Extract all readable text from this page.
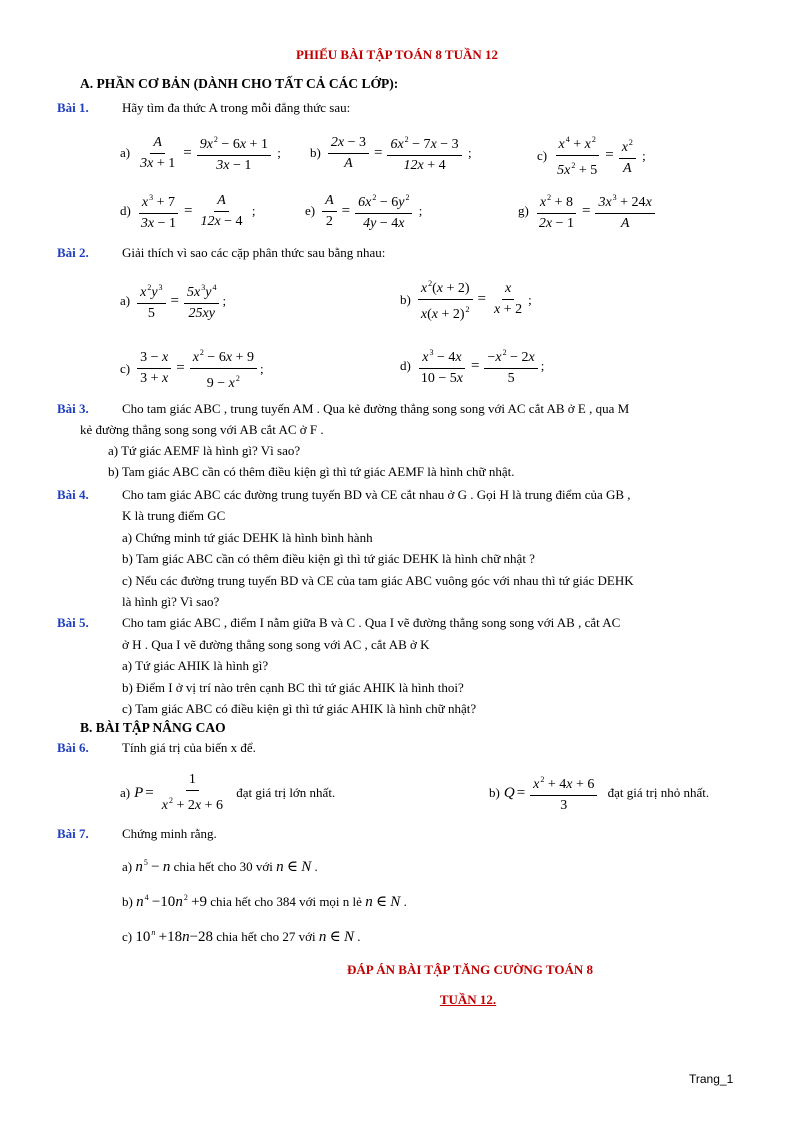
PHIẾU BÀI TẬP TOÁN 8 TUẦN 12
A. PHẦN CƠ BẢN (DÀNH CHO TẤT CẢ CÁC LỚP):
Bài 1.	Hãy tìm đa thức A trong mỗi đẳng thức sau:
$a) \frac{A}{3x + 1} = \frac{9x2 - 6x + 1}{3x - 1}$ ; $b) \frac{2x - 3}{A} = \frac{6x2 - 7x - 3}{12x + 4}$ ;	$c) \frac{x4 + x2}{5x2 + 5} = \frac{x2}{A}$ ;
$d) \frac{x3 + 7}{3x - 1} = \frac{A}{12x - 4}$ ;	$e) \frac{A}{2} = \frac{6x2 - 6y2}{4y - 4x}$ ;	$g) \frac{x2 + 8}{2x - 1} = \frac{3x3 + 24x}{A}$
Bài 2.	Giải thích vì sao các cặp phân thức sau bằng nhau:
$a) \frac{x2y3}{5} = \frac{5x3y4}{25xy}$ ;	$b) \frac{x2(x + 2)}{x(x + 2)2} = \frac{x}{x + 2}$ ;
$c) \frac{3 - x}{3 + x} = \frac{x2 - 6x + 9}{9 - x2}$ ;	$d) \frac{x3 - 4x}{10 - 5x} = \frac{-x2 - 2x}{5}$ ;
Bài 3.	Cho tam giác ABC , trung tuyến AM . Qua kẻ đường thẳng song song với AC cắt AB ở E , qua M
kẻ đường thẳng song song với AB cắt AC ở F .
a) Tứ giác AEMF là hình gì? Vì sao?
b) Tam giác ABC cần có thêm điều kiện gì thì tứ giác AEMF là hình chữ nhật.
Bài 4.	Cho tam giác ABC các đường trung tuyến BD và CE cắt nhau ở G . Gọi H là trung điểm của GB ,
K là trung điểm GC
a) Chứng minh tứ giác DEHK là hình bình hành
b) Tam giác ABC cần có thêm điều kiện gì thì tứ giác DEHK là hình chữ nhật ?
c) Nếu các đường trung tuyến BD và CE của tam giác ABC vuông góc với nhau thì tứ giác DEHK
là hình gì? Vì sao?
Bài 5.	Cho tam giác ABC , điểm I nằm giữa B và C . Qua I vẽ đường thẳng song song với AB , cắt AC
ở H . Qua I vẽ đường thẳng song song với AC , cắt AB ở K
a) Tứ giác AHIK là hình gì?
b) Điểm I ở vị trí nào trên cạnh BC thì tứ giác AHIK là hình thoi?
c) Tam giác ABC có điều kiện gì thì tứ giác AHIK là hình chữ nhật?
B. BÀI TẬP NÂNG CAO
Bài 6.	Tính giá trị của biến x để.
a) $P = \frac{1}{x2 + 2x + 6}$
đạt giá trị lớn nhất.	b) $Q = \frac{x2 + 4x + 6}{3}$
đạt giá trị nhỏ nhất.
Bài 7.	Chứng minh rằng.
a) n5 − n chia hết cho 30 với n ∈ N .
b) n4 −10n2 +9 chia hết cho 384 với mọi n lẻ n ∈ N .
c) 10n +18n−28 chia hết cho 27 với n ∈ N .
ĐÁP ÁN BÀI TẬP TĂNG CƯỜNG TOÁN 8
TUẦN 12.
Trang_1
